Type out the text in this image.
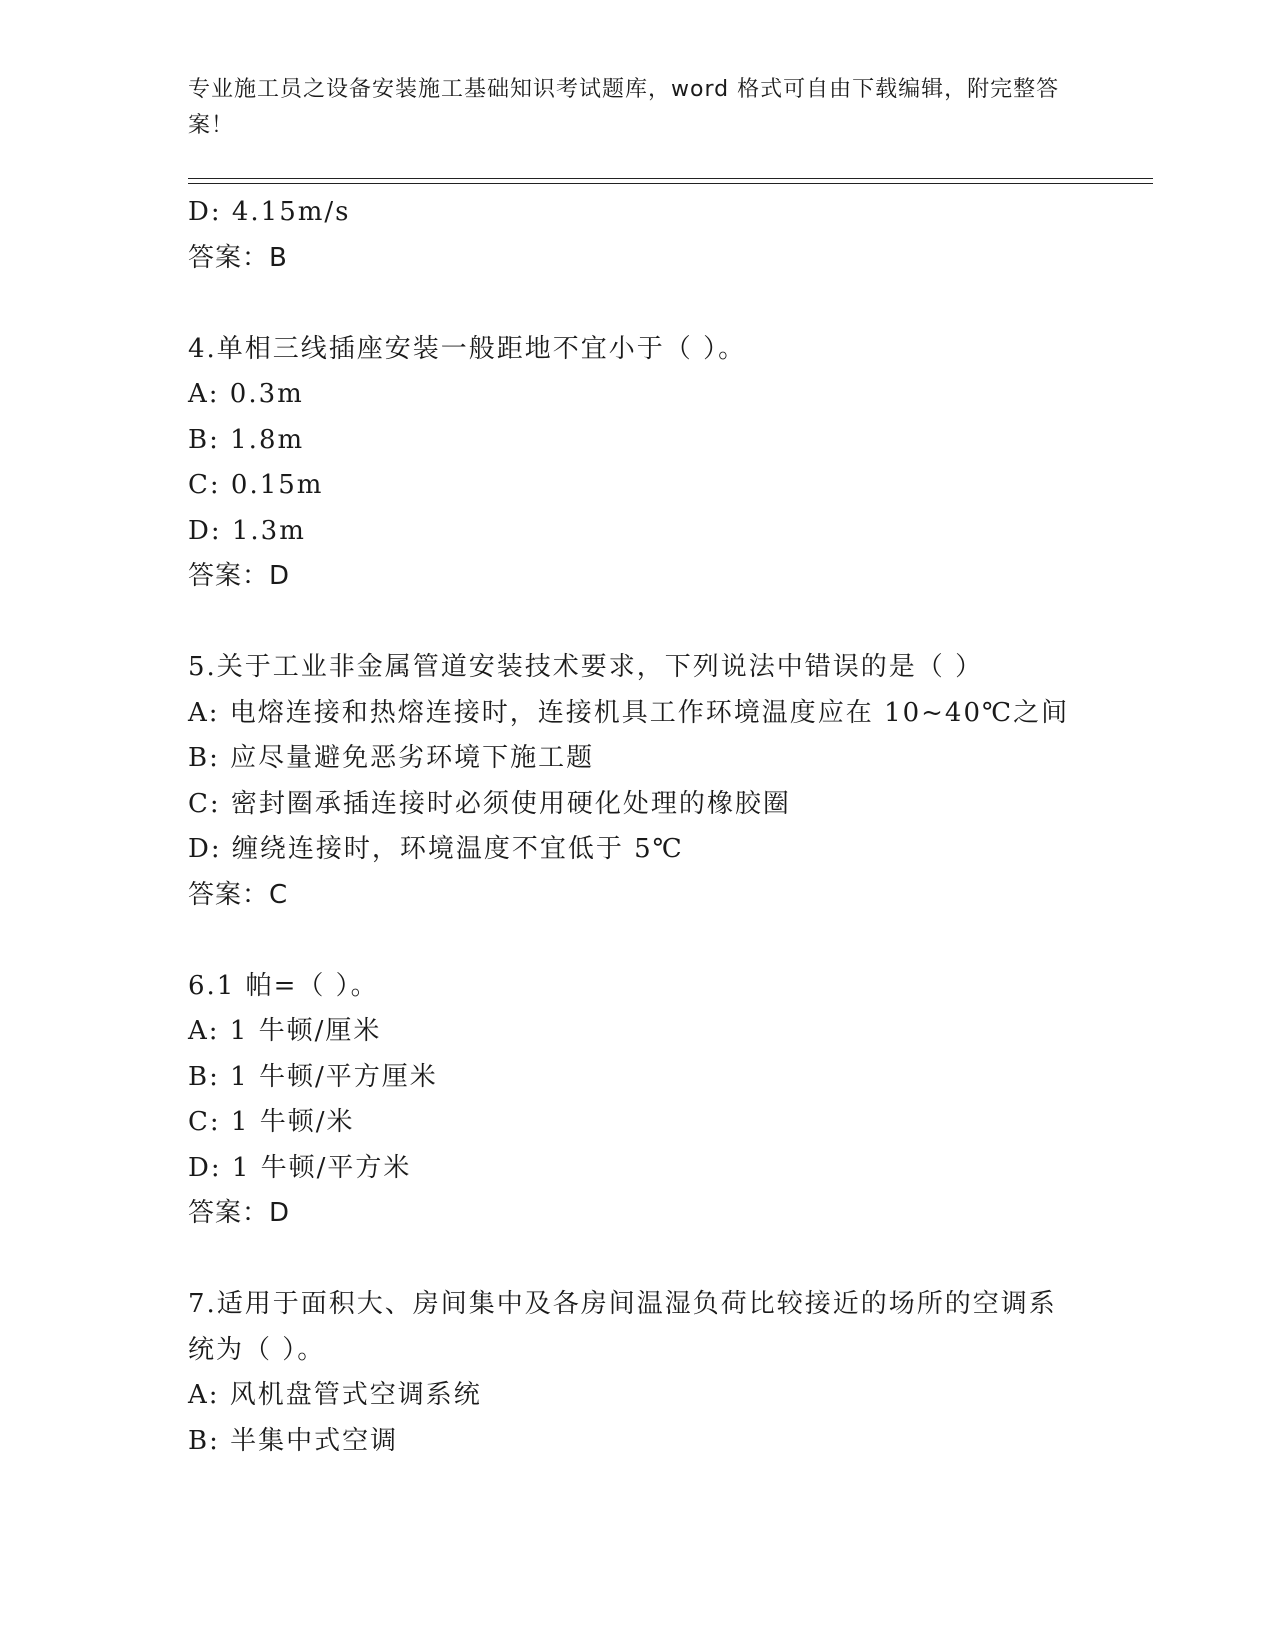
专业施工员之设备安装施工基础知识考试题库，word 格式可自由下载编辑，附完整答案！
D: 4.15m/s
答案：B
4.单相三线插座安装一般距地不宜小于（ ）。
A: 0.3m
B: 1.8m
C: 0.15m
D: 1.3m
答案：D
5.关于工业非金属管道安装技术要求，下列说法中错误的是（ ）
A: 电熔连接和热熔连接时，连接机具工作环境温度应在 10~40℃之间
B: 应尽量避免恶劣环境下施工题
C: 密封圈承插连接时必须使用硬化处理的橡胶圈
D: 缠绕连接时，环境温度不宜低于 5℃
答案：C
6.1 帕=（ ）。
A: 1 牛顿/厘米
B: 1 牛顿/平方厘米
C: 1 牛顿/米
D: 1 牛顿/平方米
答案：D
7.适用于面积大、房间集中及各房间温湿负荷比较接近的场所的空调系统为（ ）。
A: 风机盘管式空调系统
B: 半集中式空调
